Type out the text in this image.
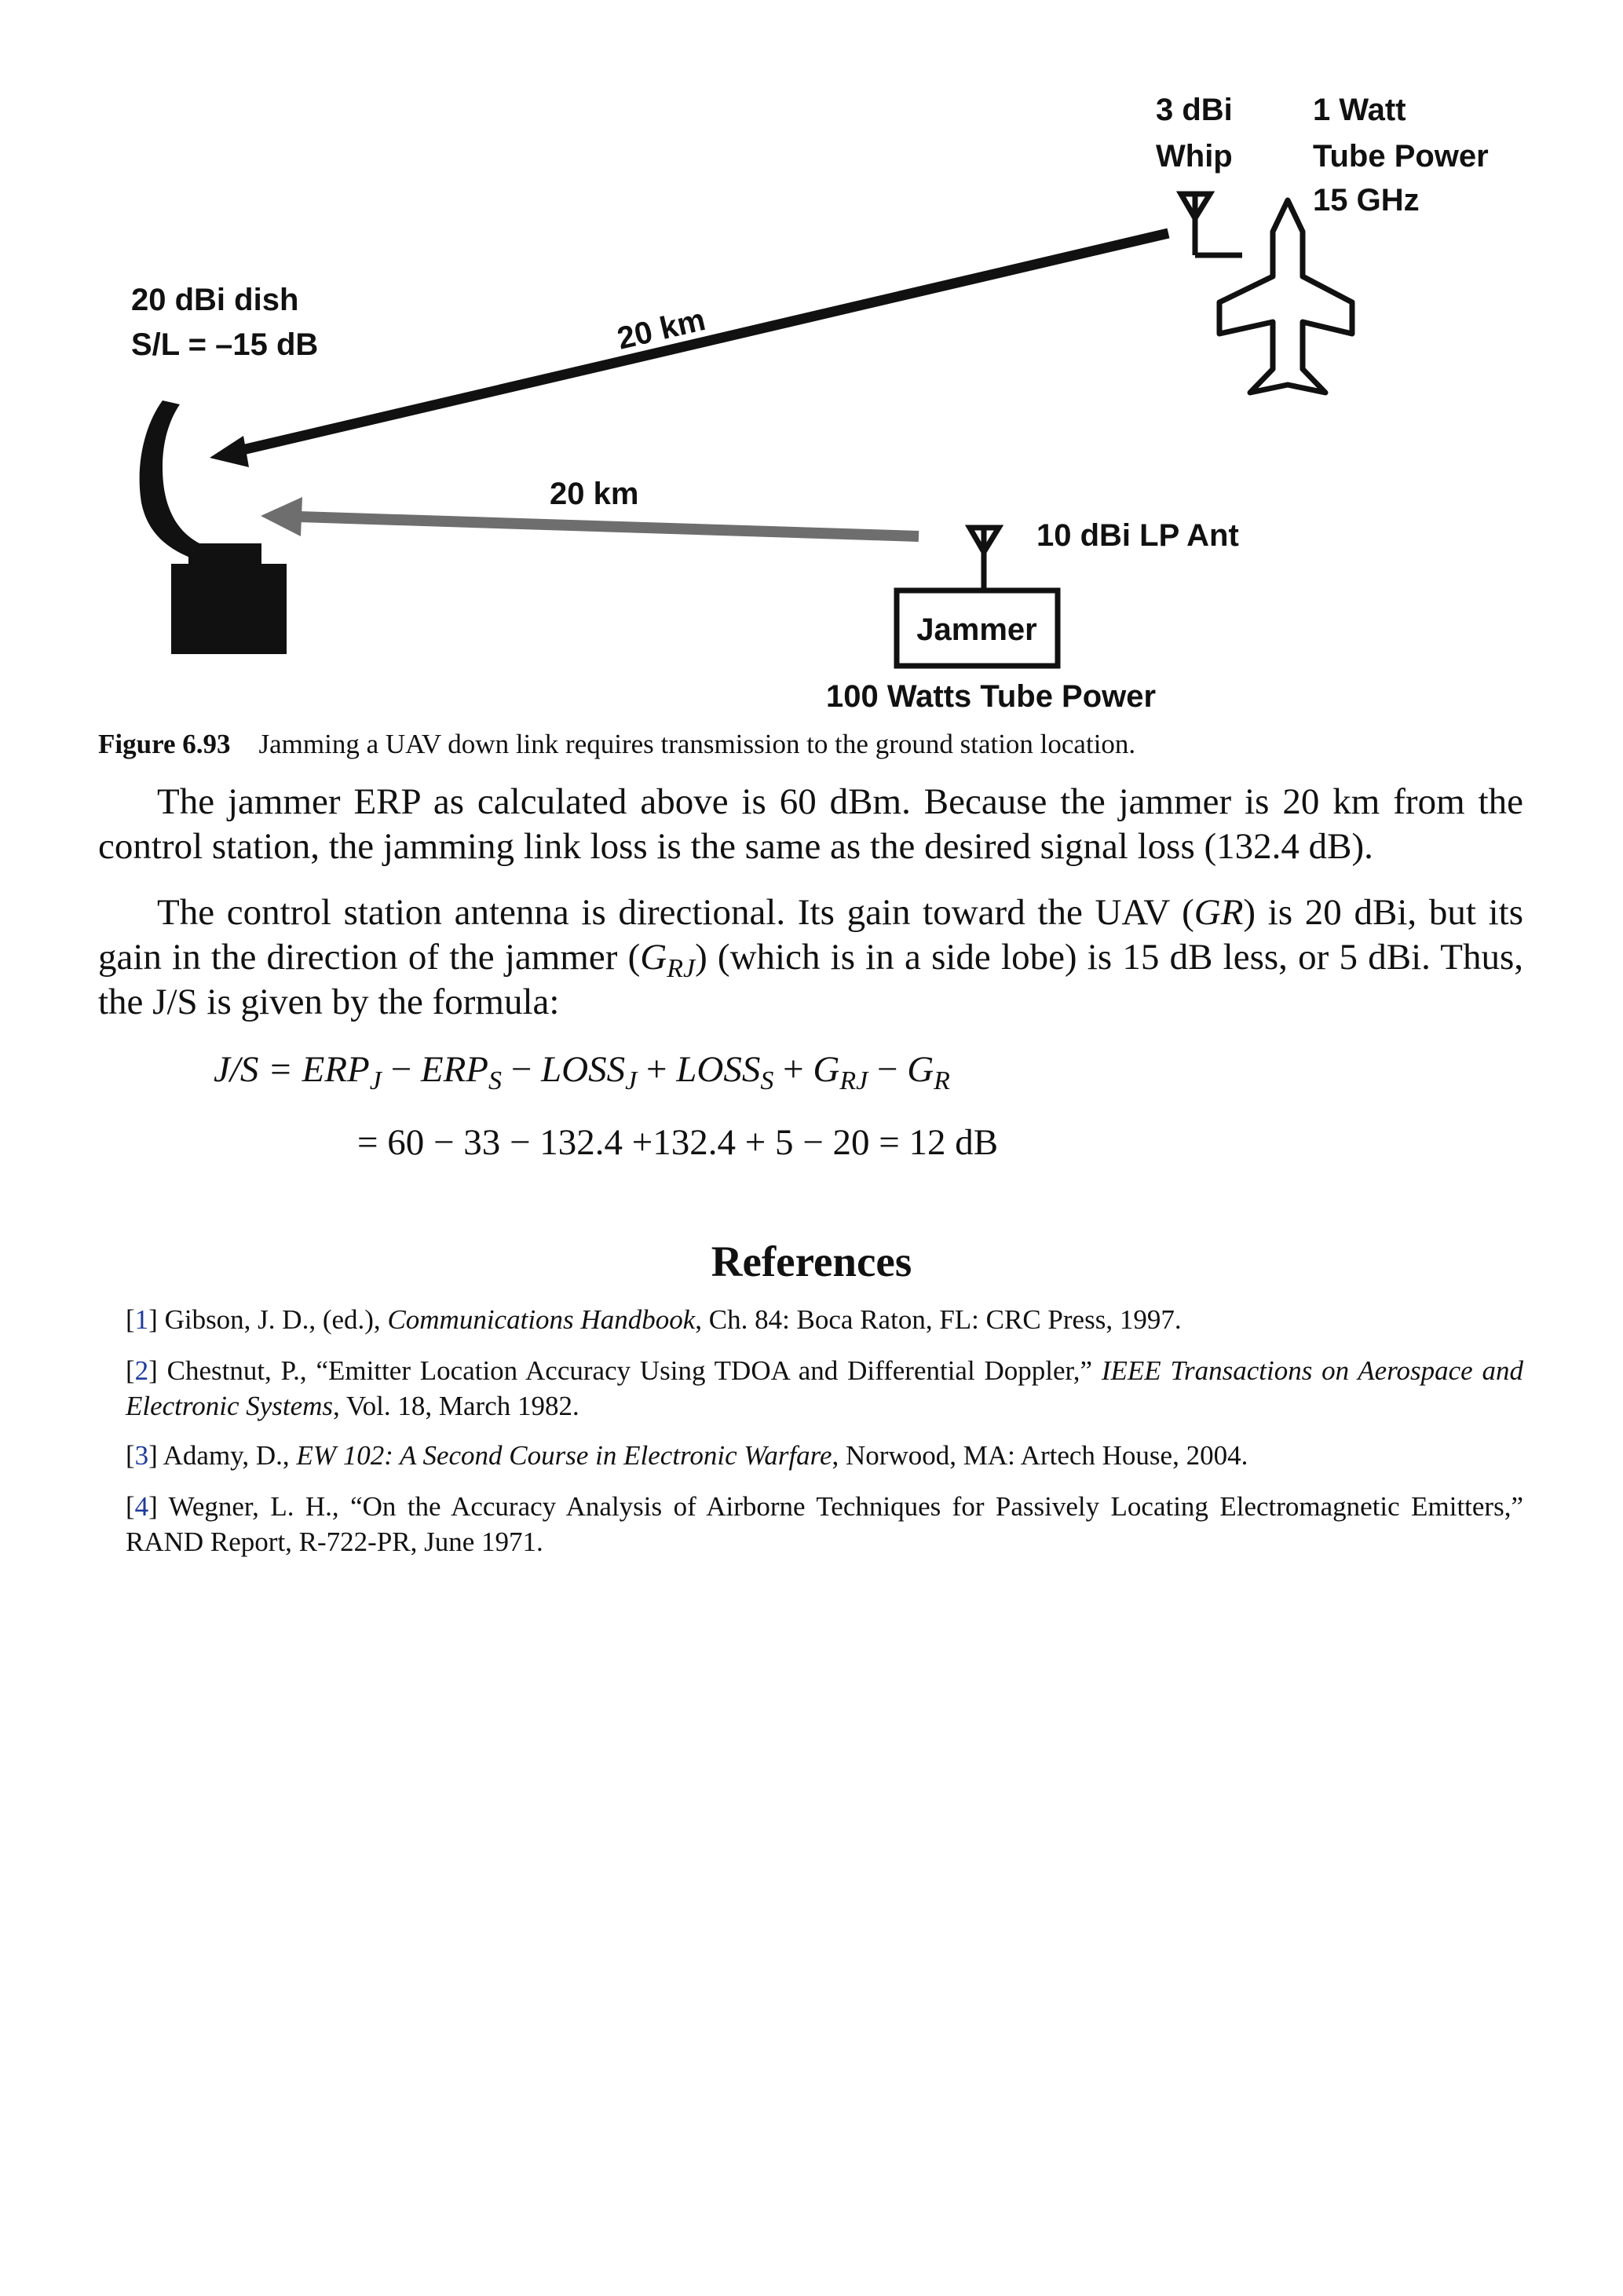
3 dBi
Whip
1 Watt
Tube Power
15 GHz
20 dBi dish
S/L = –15 dB	20 km
20 km
10 dBi LP Ant
Jammer
100 Watts Tube Power
Figure 6.93 Jamming a UAV down link requires transmission to the ground station location.

The jammer ERP as calculated above is 60 dBm. Because the jammer is 20 km from the control station, the jamming link loss is the same as the desired signal loss (132.4 dB).

The control station antenna is directional. Its gain toward the UAV (GR) is 20 dBi, but its gain in the direction of the jammer $(G_{RJ})$ (which is in a side lobe) is 15 dB less, or 5 dBi. Thus, the J/S is given by the formula:

$J/S = ERP_J - ERP_S$ − $LOSS_J$ + $LOSS_S + G_{RJ} - G_R$
= 60 − 33 − 132.4 +132.4 + 5 − 20 = 12 dB
References

[1] Gibson, J. D., (ed.), Communications Handbook, Ch. 84: Boca Raton, FL: CRC Press, 1997.

[2] Chestnut, P., “Emitter Location Accuracy Using TDOA and Differential Doppler,” IEEE Transactions on Aerospace and Electronic Systems, Vol. 18, March 1982.

[3] Adamy, D., EW 102: A Second Course in Electronic Warfare, Norwood, MA: Artech House, 2004.

[4] Wegner, L. H., “On the Accuracy Analysis of Airborne Techniques for Passively Locating Electromagnetic Emitters,” RAND Report, R-722-PR, June 1971.
